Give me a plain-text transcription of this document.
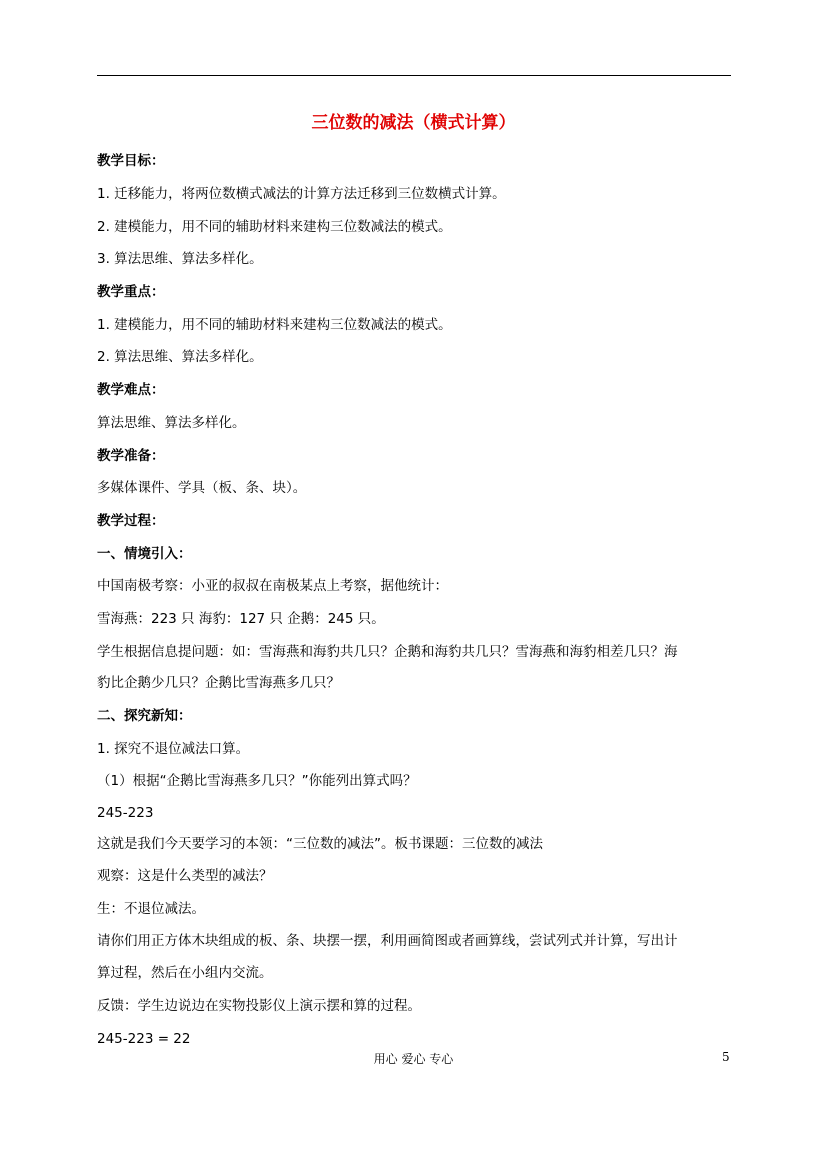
三位数的减法（横式计算）
教学目标：
1. 迁移能力，将两位数横式减法的计算方法迁移到三位数横式计算。
2. 建模能力，用不同的辅助材料来建构三位数减法的模式。
3. 算法思维、算法多样化。
教学重点：
1. 建模能力，用不同的辅助材料来建构三位数减法的模式。
2. 算法思维、算法多样化。
教学难点：
算法思维、算法多样化。
教学准备：
多媒体课件、学具（板、条、块）。
教学过程：
一、情境引入：
中国南极考察：小亚的叔叔在南极某点上考察，据他统计：
雪海燕：223 只 海豹：127 只 企鹅：245 只。
学生根据信息提问题：如：雪海燕和海豹共几只？企鹅和海豹共几只？雪海燕和海豹相差几只？海
豹比企鹅少几只？企鹅比雪海燕多几只？
二、探究新知：
1. 探究不退位减法口算。
（1）根据“企鹅比雪海燕多几只？”你能列出算式吗？
245-223
这就是我们今天要学习的本领：“三位数的减法”。板书课题：三位数的减法
观察：这是什么类型的减法？
生：不退位减法。
请你们用正方体木块组成的板、条、块摆一摆，利用画简图或者画算线，尝试列式并计算，写出计
算过程，然后在小组内交流。
反馈：学生边说边在实物投影仪上演示摆和算的过程。
245-223 = 22
用心 爱心 专心	5
